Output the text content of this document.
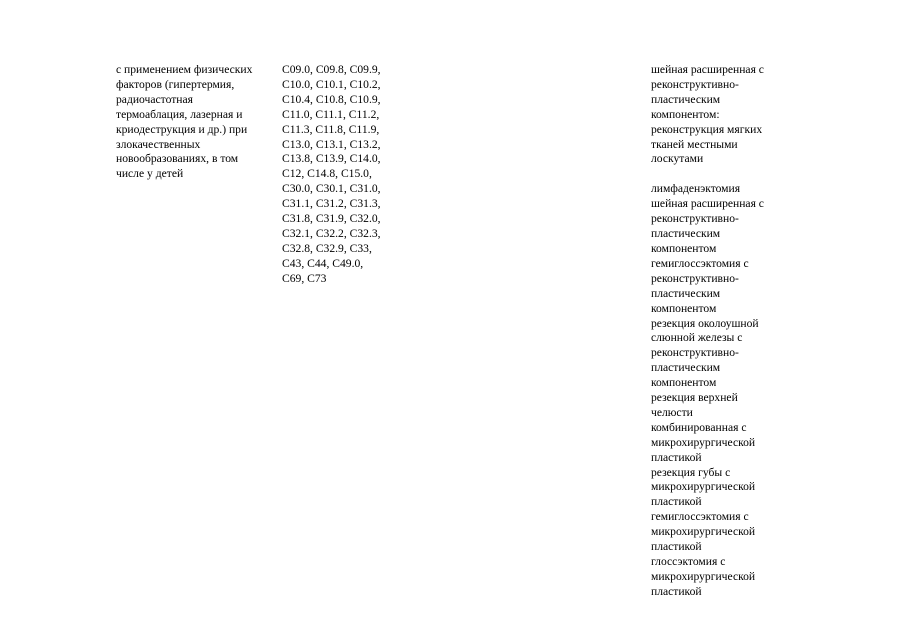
с применением физических
факторов (гипертермия,
радиочастотная
термоаблация, лазерная и
криодеструкция и др.) при
злокачественных
новообразованиях, в том
числе у детей
C09.0, C09.8, C09.9,
C10.0, C10.1, C10.2,
C10.4, C10.8, C10.9,
C11.0, C11.1, C11.2,
C11.3, C11.8, C11.9,
C13.0, C13.1, C13.2,
C13.8, C13.9, C14.0,
C12, C14.8, C15.0,
C30.0, C30.1, C31.0,
C31.1, C31.2, C31.3,
C31.8, C31.9, C32.0,
C32.1, C32.2, C32.3,
C32.8, C32.9, C33,
C43, C44, C49.0,
C69, C73
шейная расширенная с
реконструктивно-
пластическим
компонентом:
реконструкция мягких
тканей местными
лоскутами
лимфаденэктомия
шейная расширенная с
реконструктивно-
пластическим
компонентом
гемиглоссэктомия с
реконструктивно-
пластическим
компонентом
резекция околоушной
слюнной железы с
реконструктивно-
пластическим
компонентом
резекция верхней
челюсти
комбинированная с
микрохирургической
пластикой
резекция губы с
микрохирургической
пластикой
гемиглоссэктомия с
микрохирургической
пластикой
глоссэктомия с
микрохирургической
пластикой
